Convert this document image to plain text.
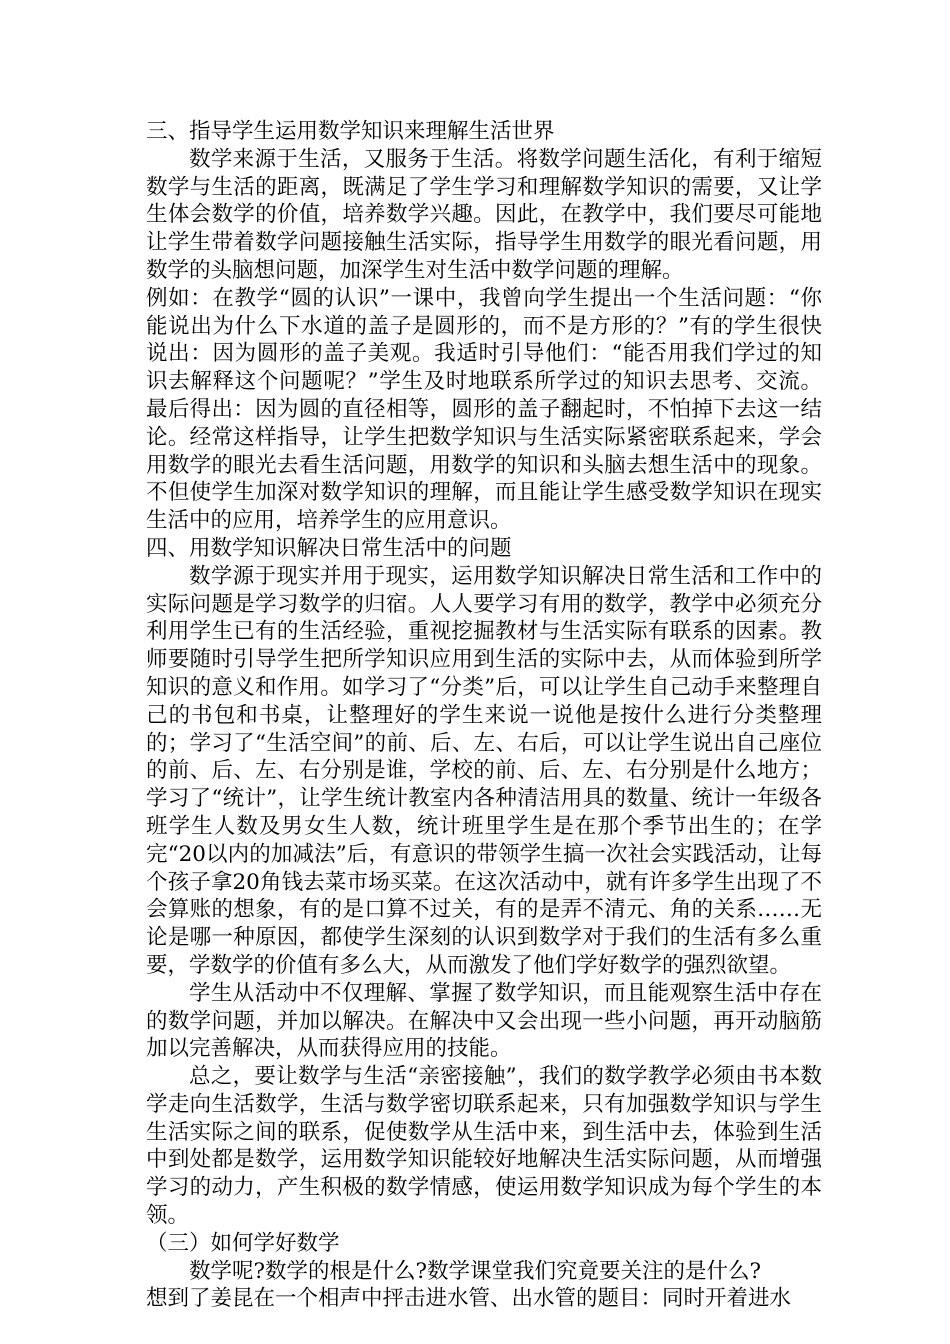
三、指导学生运用数学知识来理解生活世界

数学来源于生活，又服务于生活。将数学问题生活化，有利于缩短数学与生活的距离，既满足了学生学习和理解数学知识的需要，又让学生体会数学的价值，培养数学兴趣。因此，在教学中，我们要尽可能地让学生带着数学问题接触生活实际，指导学生用数学的眼光看问题，用数学的头脑想问题，加深学生对生活中数学问题的理解。

例如：在教学“圆的认识”一课中，我曾向学生提出一个生活问题：“你能说出为什么下水道的盖子是圆形的，而不是方形的？”有的学生很快说出：因为圆形的盖子美观。我适时引导他们：“能否用我们学过的知识去解释这个问题呢？”学生及时地联系所学过的知识去思考、交流。最后得出：因为圆的直径相等，圆形的盖子翻起时，不怕掉下去这一结论。经常这样指导，让学生把数学知识与生活实际紧密联系起来，学会用数学的眼光去看生活问题，用数学的知识和头脑去想生活中的现象。不但使学生加深对数学知识的理解，而且能让学生感受数学知识在现实生活中的应用，培养学生的应用意识。

四、用数学知识解决日常生活中的问题

数学源于现实并用于现实，运用数学知识解决日常生活和工作中的实际问题是学习数学的归宿。人人要学习有用的数学，教学中必须充分利用学生已有的生活经验，重视挖掘教材与生活实际有联系的因素。教师要随时引导学生把所学知识应用到生活的实际中去，从而体验到所学知识的意义和作用。如学习了“分类”后，可以让学生自己动手来整理自己的书包和书桌，让整理好的学生来说一说他是按什么进行分类整理的；学习了“生活空间”的前、后、左、右后，可以让学生说出自己座位的前、后、左、右分别是谁，学校的前、后、左、右分别是什么地方；学习了“统计”，让学生统计教室内各种清洁用具的数量、统计一年级各班学生人数及男女生人数，统计班里学生是在那个季节出生的；在学完“20以内的加减法”后，有意识的带领学生搞一次社会实践活动，让每个孩子拿20角钱去菜市场买菜。在这次活动中，就有许多学生出现了不会算账的想象，有的是口算不过关，有的是弄不清元、角的关系……无论是哪一种原因，都使学生深刻的认识到数学对于我们的生活有多么重要，学数学的价值有多么大，从而激发了他们学好数学的强烈欲望。

学生从活动中不仅理解、掌握了数学知识，而且能观察生活中存在的数学问题，并加以解决。在解决中又会出现一些小问题，再开动脑筋加以完善解决，从而获得应用的技能。

总之，要让数学与生活“亲密接触”，我们的数学教学必须由书本数学走向生活数学，生活与数学密切联系起来，只有加强数学知识与学生生活实际之间的联系，促使数学从生活中来，到生活中去，体验到生活中到处都是数学，运用数学知识能较好地解决生活实际问题，从而增强学习的动力，产生积极的数学情感，使运用数学知识成为每个学生的本领。

（三）如何学好数学

数学呢?数学的根是什么?数学课堂我们究竟要关注的是什么?

想到了姜昆在一个相声中抨击进水管、出水管的题目：同时开着进水
